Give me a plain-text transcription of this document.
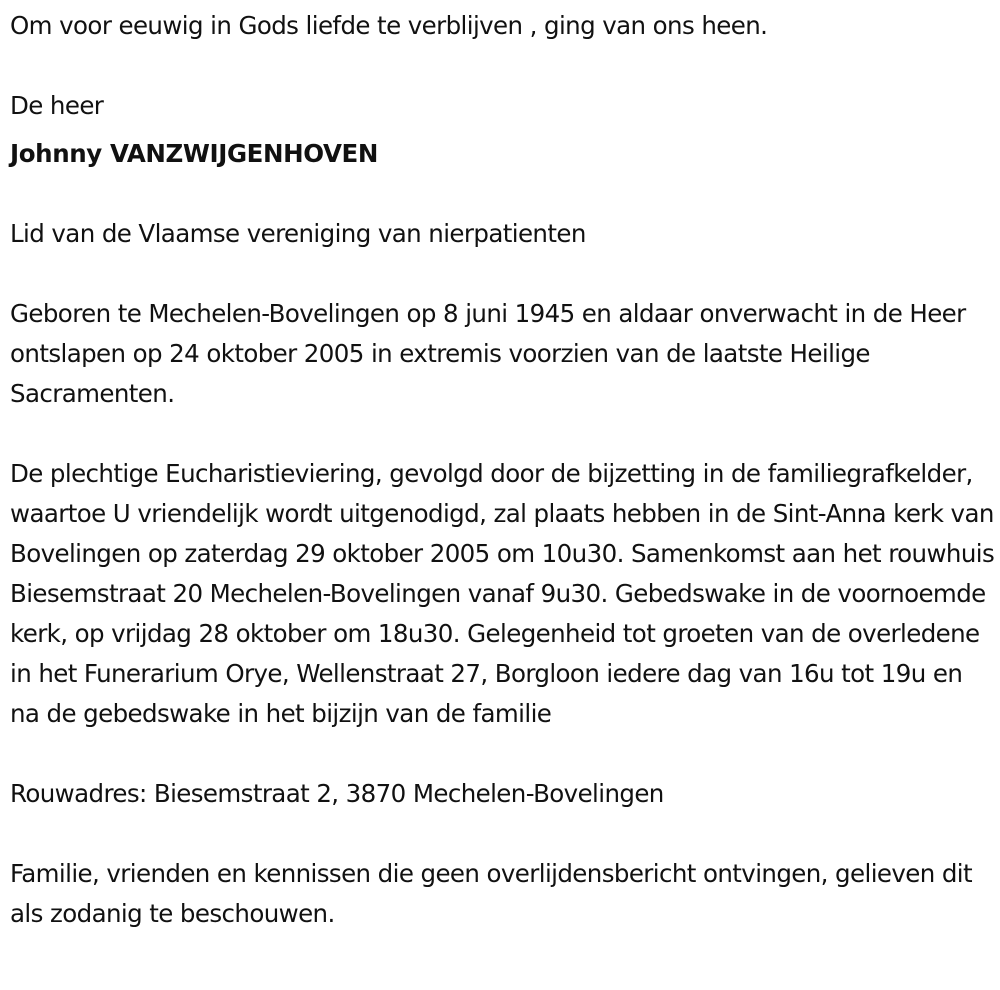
Om voor eeuwig in Gods liefde te verblijven , ging van ons heen.

De heer

Johnny VANZWIJGENHOVEN

Lid van de Vlaamse vereniging van nierpatienten

Geboren te Mechelen-Bovelingen op 8 juni 1945 en aldaar onverwacht in de Heer ontslapen op 24 oktober 2005 in extremis voorzien van de laatste Heilige Sacramenten.

De plechtige Eucharistieviering, gevolgd door de bijzetting in de familiegrafkelder, waartoe U vriendelijk wordt uitgenodigd, zal plaats hebben in de Sint-Anna kerk van Bovelingen op zaterdag 29 oktober 2005 om 10u30. Samenkomst aan het rouwhuis Biesemstraat 20 Mechelen-Bovelingen vanaf 9u30. Gebedswake in de voornoemde kerk, op vrijdag 28 oktober om 18u30. Gelegenheid tot groeten van de overledene in het Funerarium Orye, Wellenstraat 27, Borgloon iedere dag van 16u tot 19u en na de gebedswake in het bijzijn van de familie

Rouwadres: Biesemstraat 2, 3870 Mechelen-Bovelingen

Familie, vrienden en kennissen die geen overlijdensbericht ontvingen, gelieven dit als zodanig te beschouwen.
